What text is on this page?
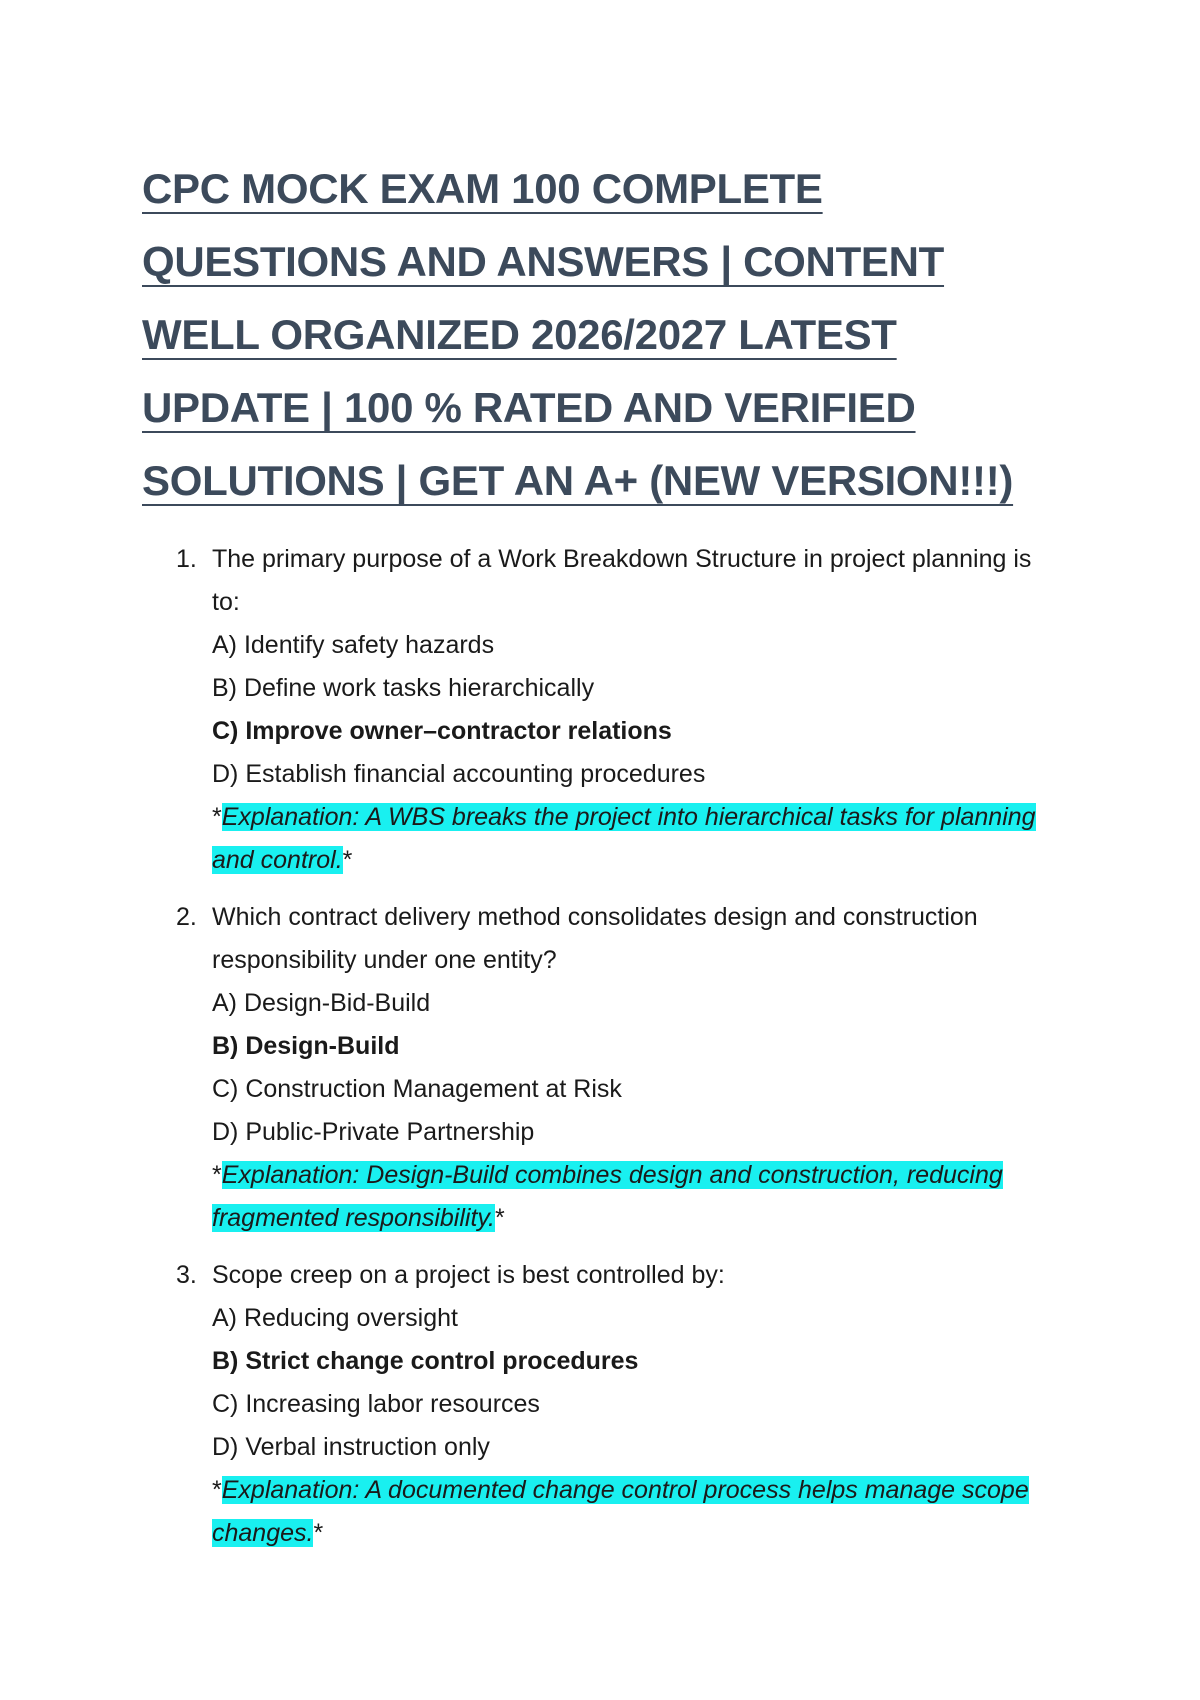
CPC MOCK EXAM 100 COMPLETE QUESTIONS AND ANSWERS | CONTENT WELL ORGANIZED 2026/2027 LATEST UPDATE | 100 % RATED AND VERIFIED SOLUTIONS | GET AN A+ (NEW VERSION!!!)
1. The primary purpose of a Work Breakdown Structure in project planning is to:
A) Identify safety hazards
B) Define work tasks hierarchically
C) Improve owner–contractor relations
D) Establish financial accounting procedures
*Explanation: A WBS breaks the project into hierarchical tasks for planning and control.*
2. Which contract delivery method consolidates design and construction responsibility under one entity?
A) Design-Bid-Build
B) Design-Build
C) Construction Management at Risk
D) Public-Private Partnership
*Explanation: Design-Build combines design and construction, reducing fragmented responsibility.*
3. Scope creep on a project is best controlled by:
A) Reducing oversight
B) Strict change control procedures
C) Increasing labor resources
D) Verbal instruction only
*Explanation: A documented change control process helps manage scope changes.*
